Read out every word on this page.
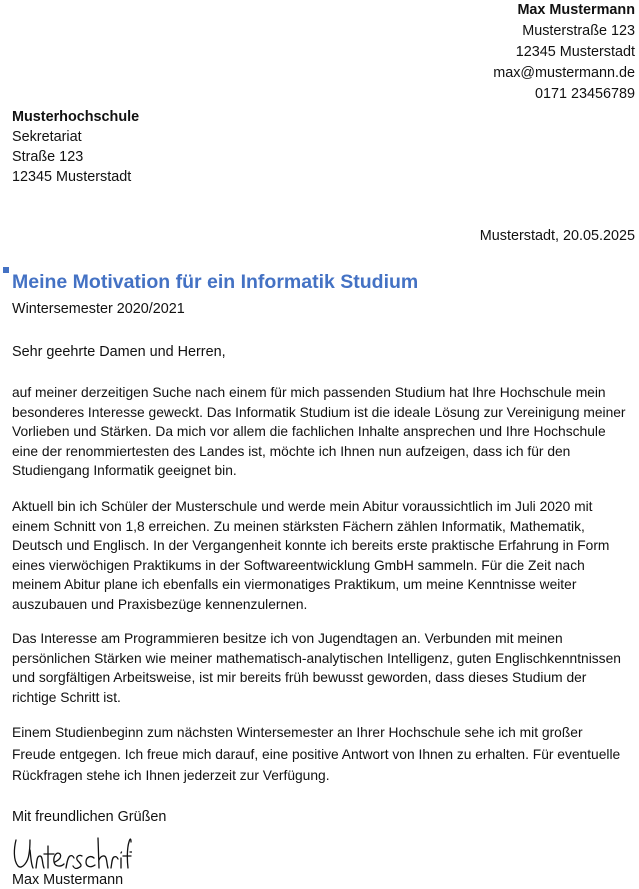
Max Mustermann
Musterstraße 123
12345 Musterstadt
max@mustermann.de
0171 23456789
Musterhochschule
Sekretariat
Straße 123
12345 Musterstadt
Musterstadt, 20.05.2025
Meine Motivation für ein Informatik Studium
Wintersemester 2020/2021
Sehr geehrte Damen und Herren,

auf meiner derzeitigen Suche nach einem für mich passenden Studium hat Ihre Hochschule mein besonderes Interesse geweckt. Das Informatik Studium ist die ideale Lösung zur Vereinigung meiner Vorlieben und Stärken. Da mich vor allem die fachlichen Inhalte ansprechen und Ihre Hochschule eine der renommiertesten des Landes ist, möchte ich Ihnen nun aufzeigen, dass ich für den Studiengang Informatik geeignet bin.

Aktuell bin ich Schüler der Musterschule und werde mein Abitur voraussichtlich im Juli 2020 mit einem Schnitt von 1,8 erreichen. Zu meinen stärksten Fächern zählen Informatik, Mathematik, Deutsch und Englisch. In der Vergangenheit konnte ich bereits erste praktische Erfahrung in Form eines vierwöchigen Praktikums in der Softwareentwicklung GmbH sammeln. Für die Zeit nach meinem Abitur plane ich ebenfalls ein viermonatiges Praktikum, um meine Kenntnisse weiter auszubauen und Praxisbezüge kennenzulernen.

Das Interesse am Programmieren besitze ich von Jugendtagen an. Verbunden mit meinen persönlichen Stärken wie meiner mathematisch-analytischen Intelligenz, guten Englischkenntnissen und sorgfältigen Arbeitsweise, ist mir bereits früh bewusst geworden, dass dieses Studium der richtige Schritt ist.

Einem Studienbeginn zum nächsten Wintersemester an Ihrer Hochschule sehe ich mit großer Freude entgegen. Ich freue mich darauf, eine positive Antwort von Ihnen zu erhalten. Für eventuelle Rückfragen stehe ich Ihnen jederzeit zur Verfügung.

Mit freundlichen Grüßen
Max Mustermann
